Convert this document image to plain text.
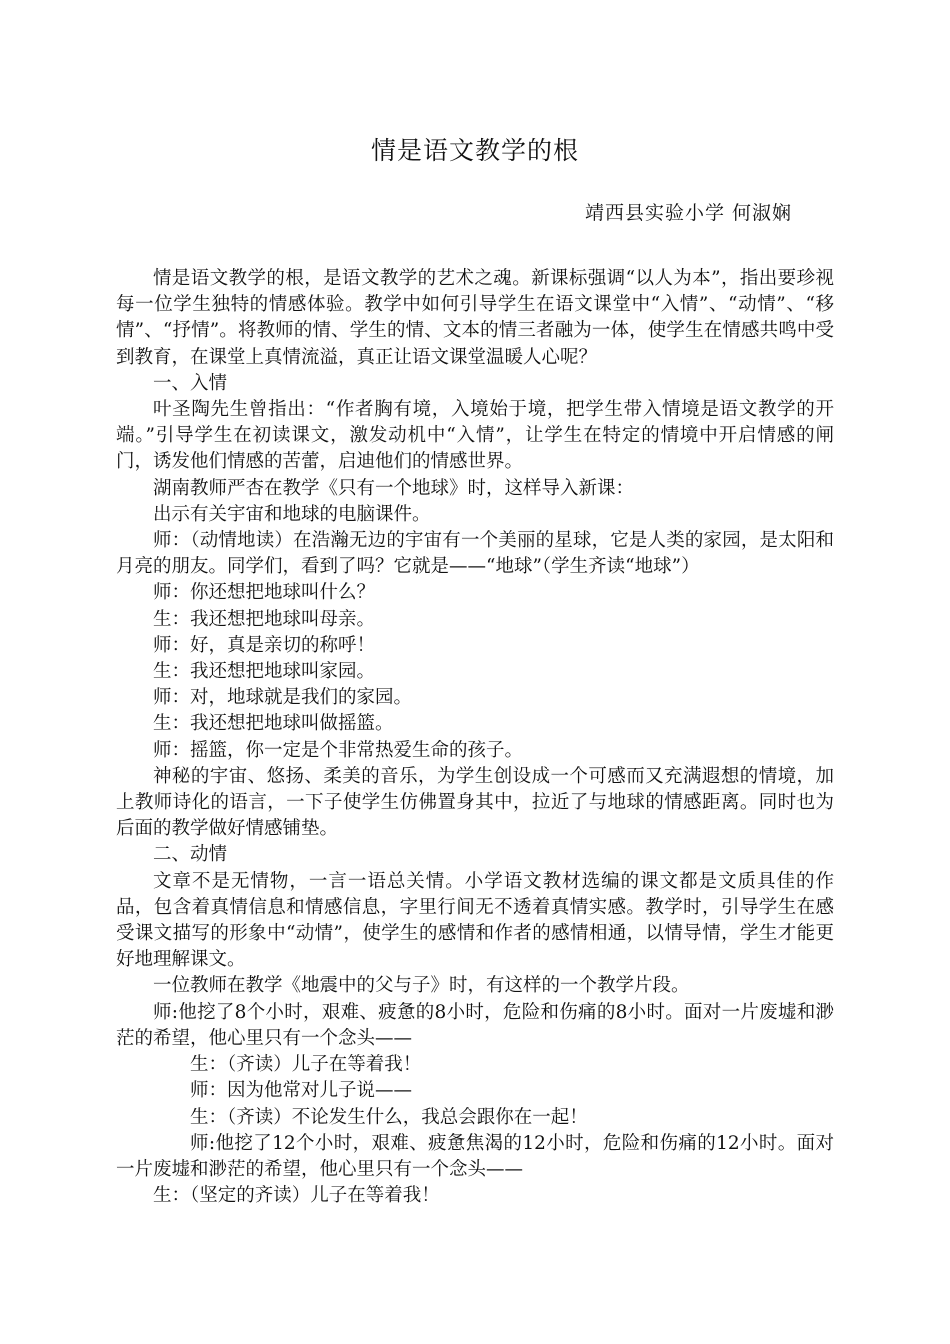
情是语文教学的根
靖西县实验小学 何淑娴

情是语文教学的根，是语文教学的艺术之魂。新课标强调“以人为本”，指出要珍视每一位学生独特的情感体验。教学中如何引导学生在语文课堂中“入情”、“动情”、“移情”、“抒情”。将教师的情、学生的情、文本的情三者融为一体，使学生在情感共鸣中受到教育，在课堂上真情流溢，真正让语文课堂温暖人心呢？

一、入情

叶圣陶先生曾指出：“作者胸有境，入境始于境，把学生带入情境是语文教学的开端。”引导学生在初读课文，激发动机中“入情”，让学生在特定的情境中开启情感的闸门，诱发他们情感的苦蕾，启迪他们的情感世界。

湖南教师严杏在教学《只有一个地球》时，这样导入新课：

出示有关宇宙和地球的电脑课件。

师：（动情地读）在浩瀚无边的宇宙有一个美丽的星球，它是人类的家园，是太阳和月亮的朋友。同学们，看到了吗？它就是——“地球”（学生齐读“地球”）

师：你还想把地球叫什么？

生：我还想把地球叫母亲。

师：好，真是亲切的称呼！

生：我还想把地球叫家园。

师：对，地球就是我们的家园。

生：我还想把地球叫做摇篮。

师：摇篮，你一定是个非常热爱生命的孩子。

神秘的宇宙、悠扬、柔美的音乐，为学生创设成一个可感而又充满遐想的情境，加上教师诗化的语言，一下子使学生仿佛置身其中，拉近了与地球的情感距离。同时也为后面的教学做好情感铺垫。

二、动情

文章不是无情物，一言一语总关情。小学语文教材选编的课文都是文质具佳的作品，包含着真情信息和情感信息，字里行间无不透着真情实感。教学时，引导学生在感受课文描写的形象中“动情”，使学生的感情和作者的感情相通，以情导情，学生才能更好地理解课文。

一位教师在教学《地震中的父与子》时，有这样的一个教学片段。

师:他挖了8个小时，艰难、疲惫的8小时，危险和伤痛的8小时。面对一片废墟和渺茫的希望，他心里只有一个念头——

生：（齐读）儿子在等着我！

师：因为他常对儿子说——

生：（齐读）不论发生什么，我总会跟你在一起！

师:他挖了12个小时，艰难、疲惫焦渴的12小时，危险和伤痛的12小时。面对一片废墟和渺茫的希望，他心里只有一个念头——

生：（坚定的齐读）儿子在等着我！
